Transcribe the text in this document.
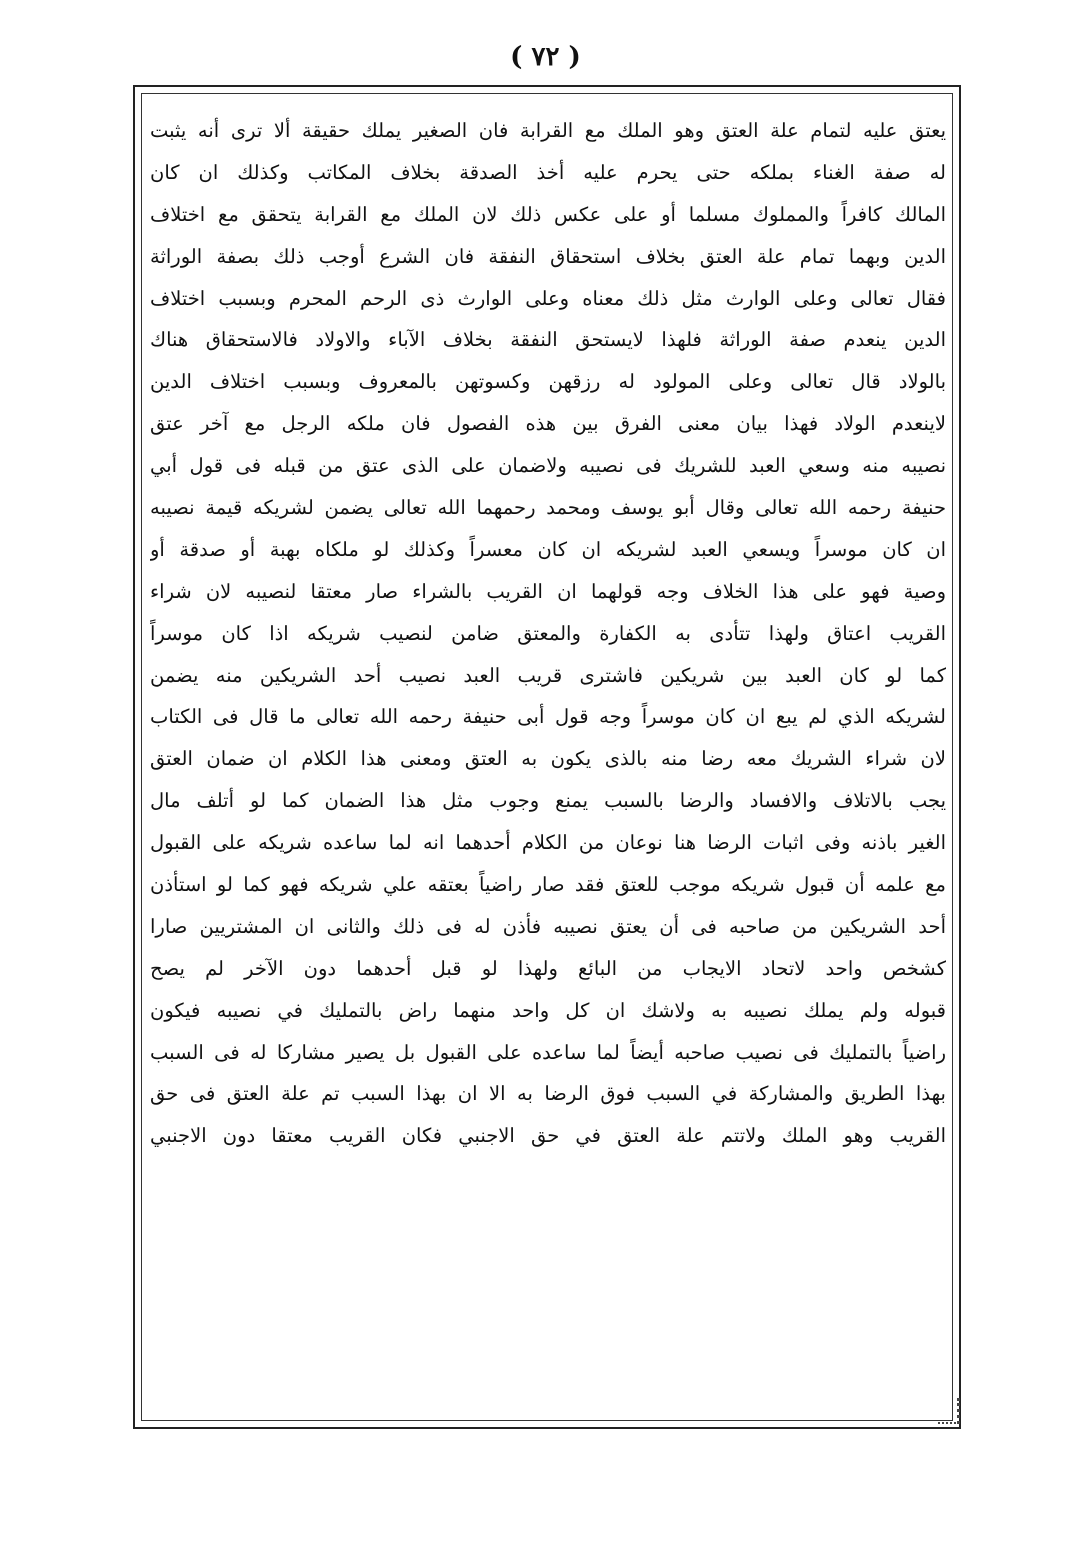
( ٧٢ )
يعتق عليه لتمام علة العتق وهو الملك مع القرابة فان الصغير يملك حقيقة ألا ترى أنه يثبت
له صفة الغناء بملكه حتى يحرم عليه أخذ الصدقة بخلاف المكاتب وكذلك ان كان
المالك كافراً والمملوك مسلما أو على عكس ذلك لان الملك مع القرابة يتحقق مع اختلاف
الدين وبهما تمام علة العتق بخلاف استحقاق النفقة فان الشرع أوجب ذلك بصفة الوراثة
فقال تعالى وعلى الوارث مثل ذلك معناه وعلى الوارث ذى الرحم المحرم وبسبب اختلاف
الدين ينعدم صفة الوراثة فلهذا لايستحق النفقة بخلاف الآباء والاولاد فالاستحقاق هناك
بالولاد قال تعالى وعلى المولود له رزقهن وكسوتهن بالمعروف وبسبب اختلاف الدين
لاينعدم الولاد فهذا بيان معنى الفرق بين هذه الفصول فان ملكه الرجل مع آخر عتق
نصيبه منه وسعي العبد للشريك فى نصيبه ولاضمان على الذى عتق من قبله فى قول أبي
حنيفة رحمه الله تعالى وقال أبو يوسف ومحمد رحمهما الله تعالى يضمن لشريكه قيمة نصيبه
ان كان موسراً ويسعي العبد لشريكه ان كان معسراً وكذلك لو ملكاه بهبة أو صدقة أو
وصية فهو على هذا الخلاف وجه قولهما ان القريب بالشراء صار معتقا لنصيبه لان شراء
القريب اعتاق ولهذا تتأدى به الكفارة والمعتق ضامن لنصيب شريكه اذا كان موسراً
كما لو كان العبد بين شريكين فاشترى قريب العبد نصيب أحد الشريكين منه يضمن
لشريكه الذي لم يبع ان كان موسراً وجه قول أبى حنيفة رحمه الله تعالى ما قال فى الكتاب
لان شراء الشريك معه رضا منه بالذى يكون به العتق ومعنى هذا الكلام ان ضمان العتق
يجب بالاتلاف والافساد والرضا بالسبب يمنع وجوب مثل هذا الضمان كما لو أتلف مال
الغير باذنه وفى اثبات الرضا هنا نوعان من الكلام أحدهما انه لما ساعده شريكه على القبول
مع علمه أن قبول شريكه موجب للعتق فقد صار راضياً بعتقه علي شريكه فهو كما لو استأذن
أحد الشريكين من صاحبه فى أن يعتق نصيبه فأذن له فى ذلك والثانى ان المشتريين صارا
كشخص واحد لاتحاد الايجاب من البائع ولهذا لو قبل أحدهما دون الآخر لم يصح
قبوله ولم يملك نصيبه به ولاشك ان كل واحد منهما راض بالتمليك في نصيبه فيكون
راضياً بالتمليك فى نصيب صاحبه أيضاً لما ساعده على القبول بل يصير مشاركا له فى السبب
بهذا الطريق والمشاركة في السبب فوق الرضا به الا ان بهذا السبب تم علة العتق فى حق
القريب وهو الملك ولاتتم علة العتق في حق الاجنبي فكان القريب معتقا دون الاجنبي
